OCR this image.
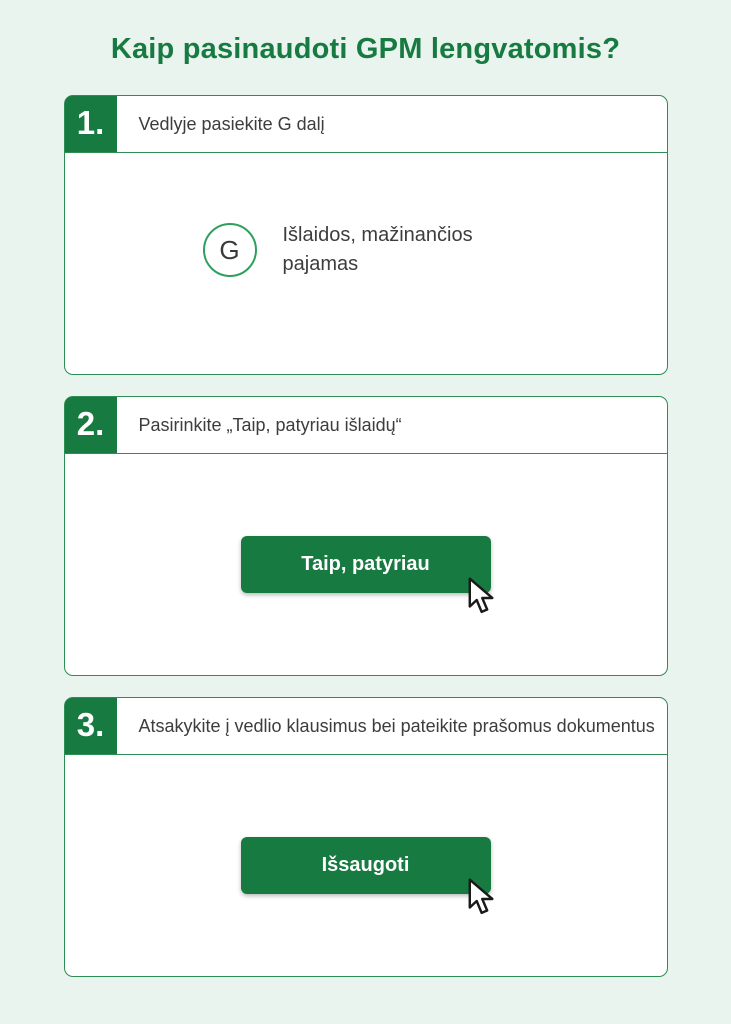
Kaip pasinaudoti GPM lengvatomis?
1.	Vedlyje pasiekite G dalį
G	Išlaidos, mažinančios pajamas
2.	Pasirinkite „Taip, patyriau išlaidų“
Taip, patyriau
3.	Atsakykite į vedlio klausimus bei pateikite prašomus dokumentus
Išsaugoti
